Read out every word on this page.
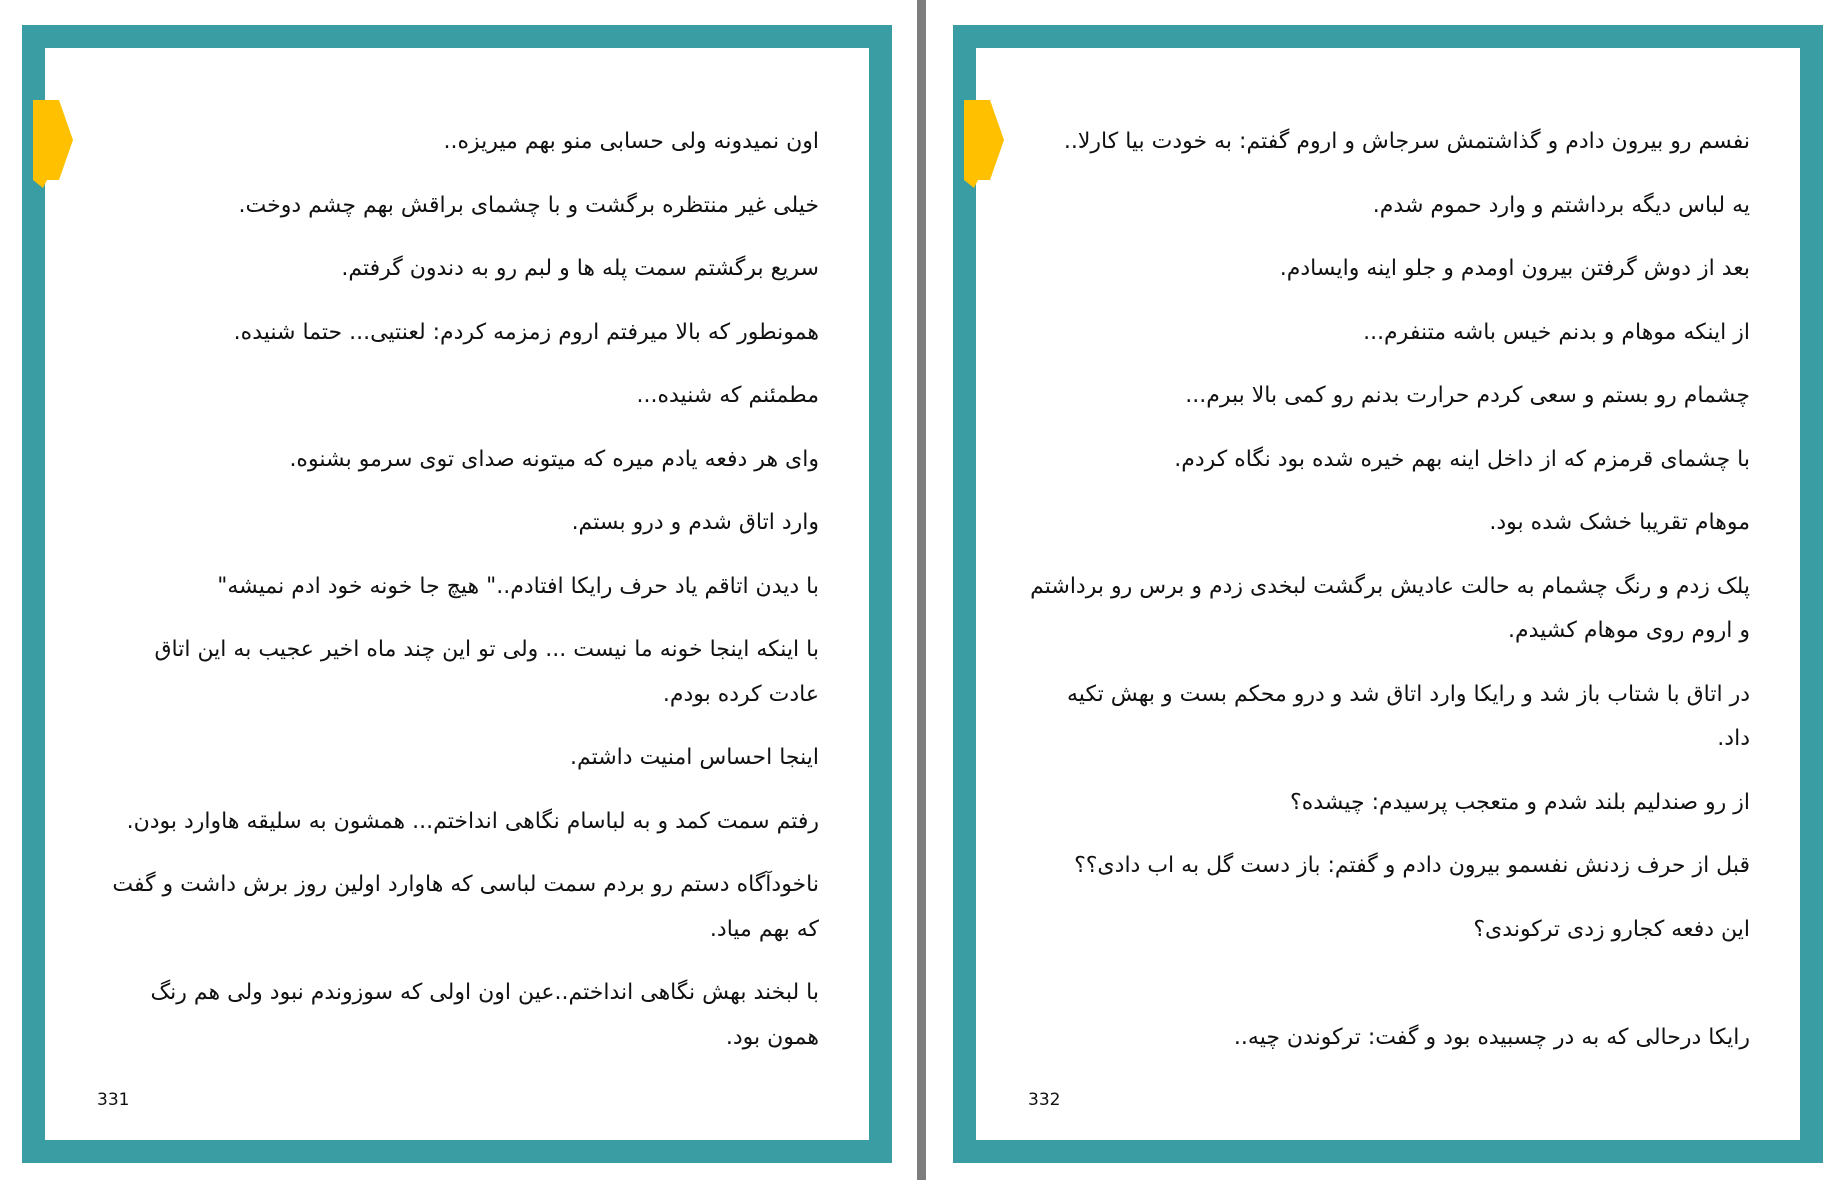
اون نمیدونه ولی حسابی منو بهم میریزه..

خیلی غیر منتظره برگشت و با چشمای براقش بهم چشم دوخت.

سریع برگشتم سمت پله ها و لبم رو به دندون گرفتم.

همونطور که بالا میرفتم اروم زمزمه کردم: لعنتیی... حتما شنیده.

مطمئنم که شنیده...

وای هر دفعه یادم میره که میتونه صدای توی سرمو بشنوه.

وارد اتاق شدم و درو بستم.

با دیدن اتاقم یاد حرف رایکا افتادم.." هیچ جا خونه خود ادم نمیشه"

با اینکه اینجا خونه ما نیست ... ولی تو این چند ماه اخیر عجیب به این اتاق عادت کرده بودم.

اینجا احساس امنیت داشتم.

رفتم سمت کمد و به لباسام نگاهی انداختم... همشون به سلیقه هاوارد بودن.

ناخودآگاه دستم رو بردم سمت لباسی که هاوارد اولین روز برش داشت و گفت که بهم میاد.

با لبخند بهش نگاهی انداختم..عین اون اولی که سوزوندم نبود ولی هم رنگ همون بود.

331

نفسم رو بیرون دادم و گذاشتمش سرجاش و اروم گفتم: به خودت بیا کارلا..

یه لباس دیگه برداشتم و وارد حموم شدم.

بعد از دوش گرفتن بیرون اومدم و جلو اینه وایسادم.

از اینکه موهام و بدنم خیس باشه متنفرم...

چشمام رو بستم و سعی کردم حرارت بدنم رو کمی بالا ببرم...

با چشمای قرمزم که از داخل اینه بهم خیره شده بود نگاه کردم.

موهام تقریبا خشک شده بود.

پلک زدم و رنگ چشمام به حالت عادیش برگشت لبخدی زدم و برس رو برداشتم و اروم روی موهام کشیدم.

در اتاق با شتاب باز شد و رایکا وارد اتاق شد و درو محکم بست و بهش تکیه داد.

از رو صندلیم بلند شدم و متعجب پرسیدم: چیشده؟

قبل از حرف زدنش نفسمو بیرون دادم و گفتم: باز دست گل به اب دادی؟؟

این دفعه کجارو زدی ترکوندی؟

رایکا درحالی که به در چسبیده بود و گفت: ترکوندن چیه..

332
